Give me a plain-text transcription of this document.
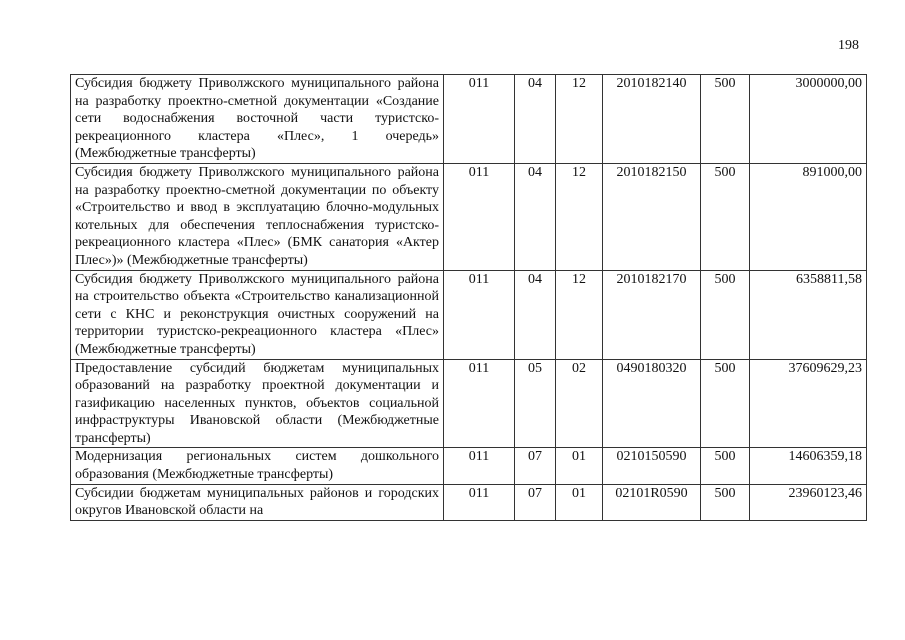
198
Субсидия бюджету Приволжского муниципального района на разработку проектно-сметной документации «Создание сети водоснабжения восточной части туристско-рекреационного кластера «Плес», 1 очередь» (Межбюджетные трансферты)	011	04	12	2010182140	500	3000000,00
Субсидия бюджету Приволжского муниципального района на разработку проектно-сметной документации по объекту «Строительство и ввод в эксплуатацию блочно-модульных котельных для обеспечения теплоснабжения туристско-рекреационного кластера «Плес» (БМК санатория «Актер Плес»)» (Межбюджетные трансферты)	011	04	12	2010182150	500	891000,00
Субсидия бюджету Приволжского муниципального района на строительство объекта «Строительство канализационной сети с КНС и реконструкция очистных сооружений на территории туристско-рекреационного кластера «Плес» (Межбюджетные трансферты)	011	04	12	2010182170	500	6358811,58
Предоставление субсидий бюджетам муниципальных образований на разработку проектной документации и газификацию населенных пунктов, объектов социальной инфраструктуры Ивановской области (Межбюджетные трансферты)	011	05	02	0490180320	500	37609629,23
Модернизация региональных систем дошкольного образования (Межбюджетные трансферты)	011	07	01	0210150590	500	14606359,18
Субсидии бюджетам муниципальных районов и городских округов Ивановской области на	011	07	01	02101R0590	500	23960123,46
